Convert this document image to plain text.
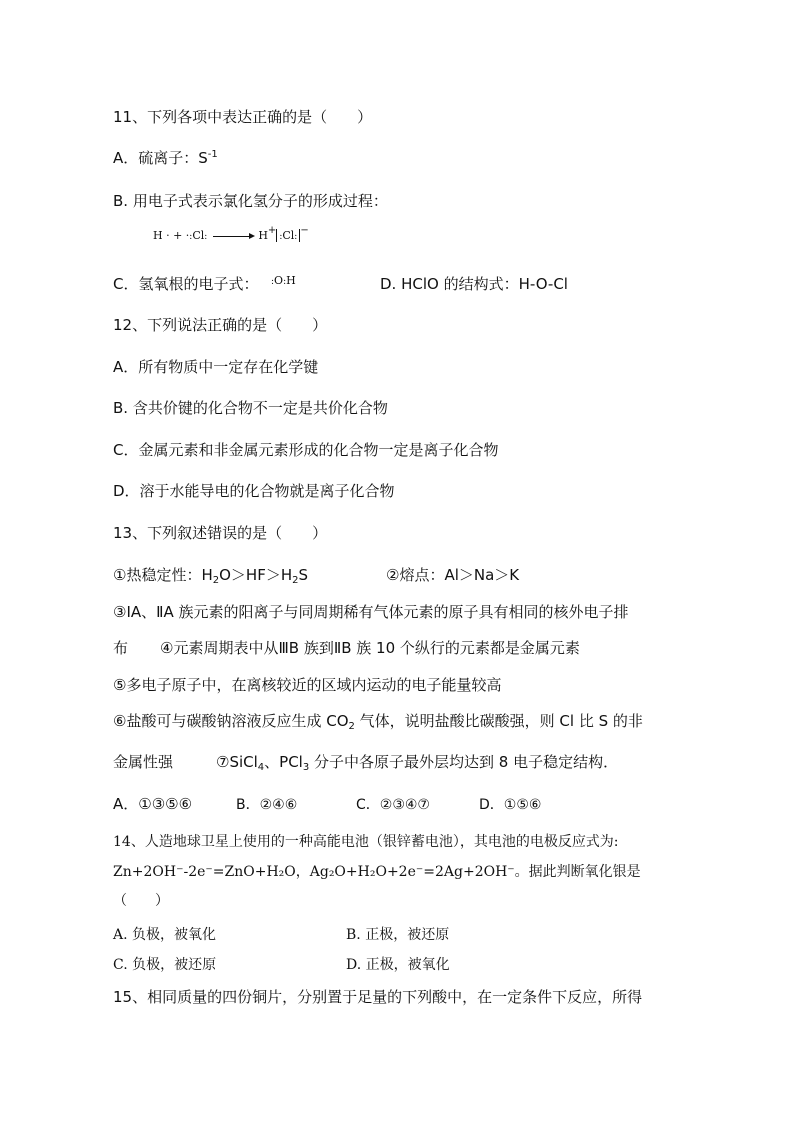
11、下列各项中表达正确的是（　　）
A．硫离子：$S^{-1}$
B. 用电子式表示氯化氢分子的形成过程：
H · + ·:Cl: → H+:Cl:−
C．氢氧根的电子式： :O:H	D. HClO 的结构式：H-O-Cl
12、下列说法正确的是（　　）
A．所有物质中一定存在化学键
B. 含共价键的化合物不一定是共价化合物
C．金属元素和非金属元素形成的化合物一定是离子化合物
D．溶于水能导电的化合物就是离子化合物
13、下列叙述错误的是（　　）
①热稳定性：$H_2O>HF>H_2S$	②熔点：Al＞Na＞K
③ⅠA、ⅡA 族元素的阳离子与同周期稀有气体元素的原子具有相同的核外电子排
布 ④元素周期表中从ⅢB 族到ⅡB 族 10 个纵行的元素都是金属元素
⑤多电子原子中，在离核较近的区域内运动的电子能量较高
⑥盐酸可与碳酸钠溶液反应生成 $CO_2$ 气体，说明盐酸比碳酸强，则 Cl 比 S 的非
金属性强	⑦SiCl$_4$、PCl$_3$ 分子中各原子最外层均达到 8 电子稳定结构．
A．①③⑤⑥	B．②④⑥	C．②③④⑦	D．①⑤⑥
14、人造地球卫星上使用的一种高能电池（银锌蓄电池），其电池的电极反应式为:
Zn+2OH⁻-2e⁻=ZnO+H₂O，Ag₂O+H₂O+2e⁻=2Ag+2OH⁻。据此判断氧化银是
（　　）
A. 负极，被氧化	B. 正极，被还原
C. 负极，被还原	D. 正极，被氧化
15、相同质量的四份铜片，分别置于足量的下列酸中，在一定条件下反应，所得
